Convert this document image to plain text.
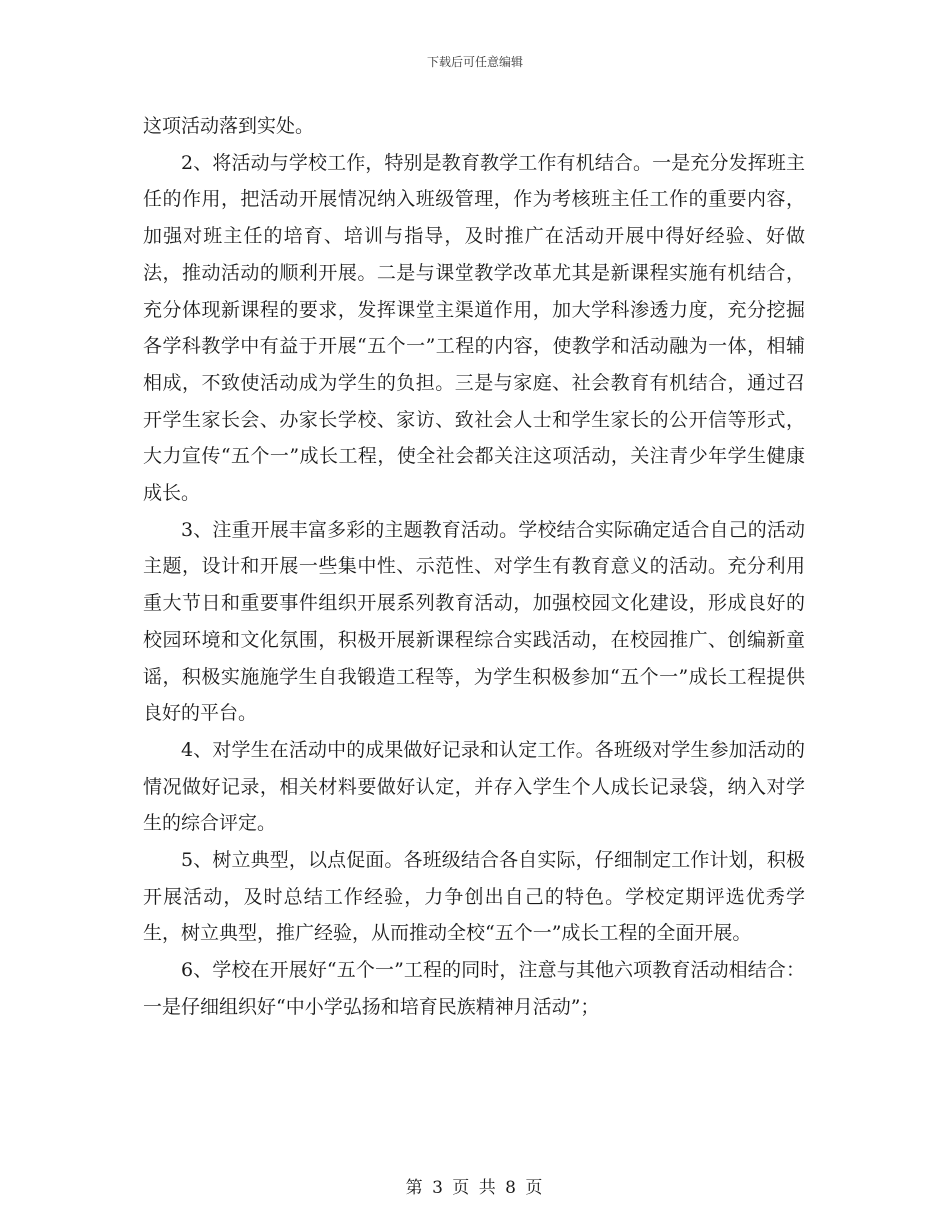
下载后可任意编辑

这项活动落到实处。

2、将活动与学校工作，特别是教育教学工作有机结合。一是充分发挥班主任的作用，把活动开展情况纳入班级管理，作为考核班主任工作的重要内容，加强对班主任的培育、培训与指导，及时推广在活动开展中得好经验、好做法，推动活动的顺利开展。二是与课堂教学改革尤其是新课程实施有机结合，充分体现新课程的要求，发挥课堂主渠道作用，加大学科渗透力度，充分挖掘各学科教学中有益于开展“五个一”工程的内容，使教学和活动融为一体，相辅相成，不致使活动成为学生的负担。三是与家庭、社会教育有机结合，通过召开学生家长会、办家长学校、家访、致社会人士和学生家长的公开信等形式，大力宣传“五个一”成长工程，使全社会都关注这项活动，关注青少年学生健康成长。

3、注重开展丰富多彩的主题教育活动。学校结合实际确定适合自己的活动主题，设计和开展一些集中性、示范性、对学生有教育意义的活动。充分利用重大节日和重要事件组织开展系列教育活动，加强校园文化建设，形成良好的校园环境和文化氛围，积极开展新课程综合实践活动，在校园推广、创编新童谣，积极实施施学生自我锻造工程等，为学生积极参加“五个一”成长工程提供良好的平台。

4、对学生在活动中的成果做好记录和认定工作。各班级对学生参加活动的情况做好记录，相关材料要做好认定，并存入学生个人成长记录袋，纳入对学生的综合评定。

5、树立典型，以点促面。各班级结合各自实际，仔细制定工作计划，积极开展活动，及时总结工作经验，力争创出自己的特色。学校定期评选优秀学生，树立典型，推广经验，从而推动全校“五个一”成长工程的全面开展。

6、学校在开展好“五个一”工程的同时，注意与其他六项教育活动相结合：一是仔细组织好“中小学弘扬和培育民族精神月活动”；

第 3 页 共 8 页
